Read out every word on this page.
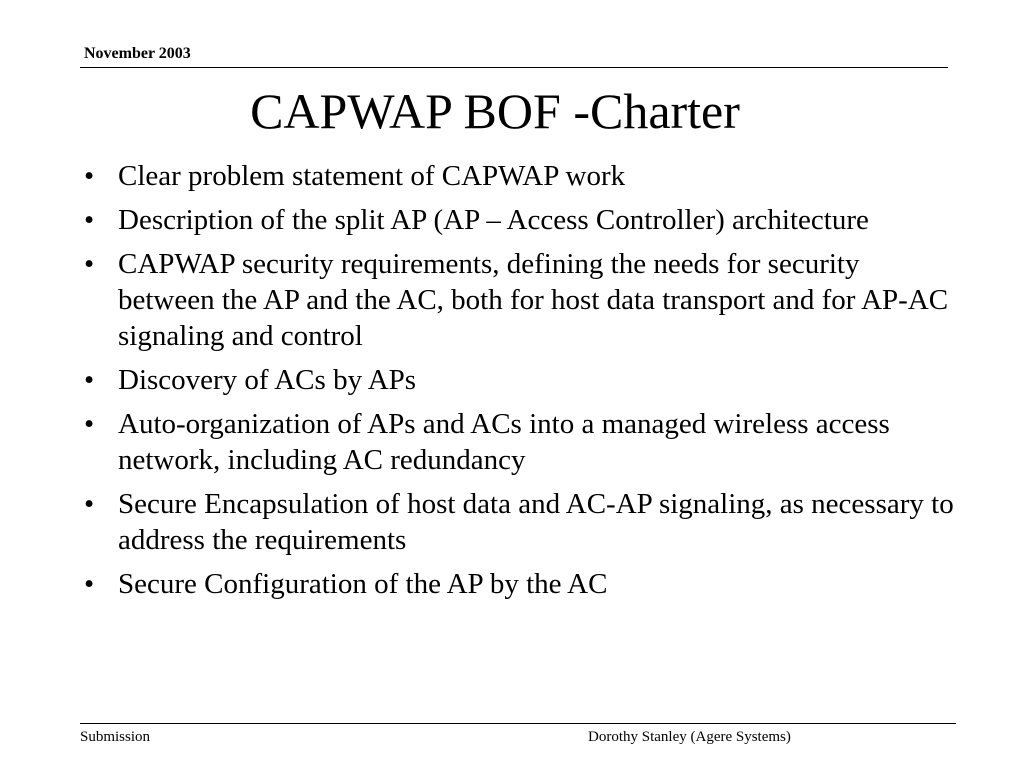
November 2003
CAPWAP BOF -Charter
• Clear problem statement of CAPWAP work
• Description of the split AP (AP – Access Controller) architecture
• CAPWAP security requirements, defining the needs for security between the AP and the AC, both for host data transport and for AP-AC signaling and control
• Discovery of ACs by APs
• Auto-organization of APs and ACs into a managed wireless access network, including AC redundancy
• Secure Encapsulation of host data and AC-AP signaling, as necessary to address the requirements
• Secure Configuration of the AP by the AC
Submission	Dorothy Stanley (Agere Systems)
